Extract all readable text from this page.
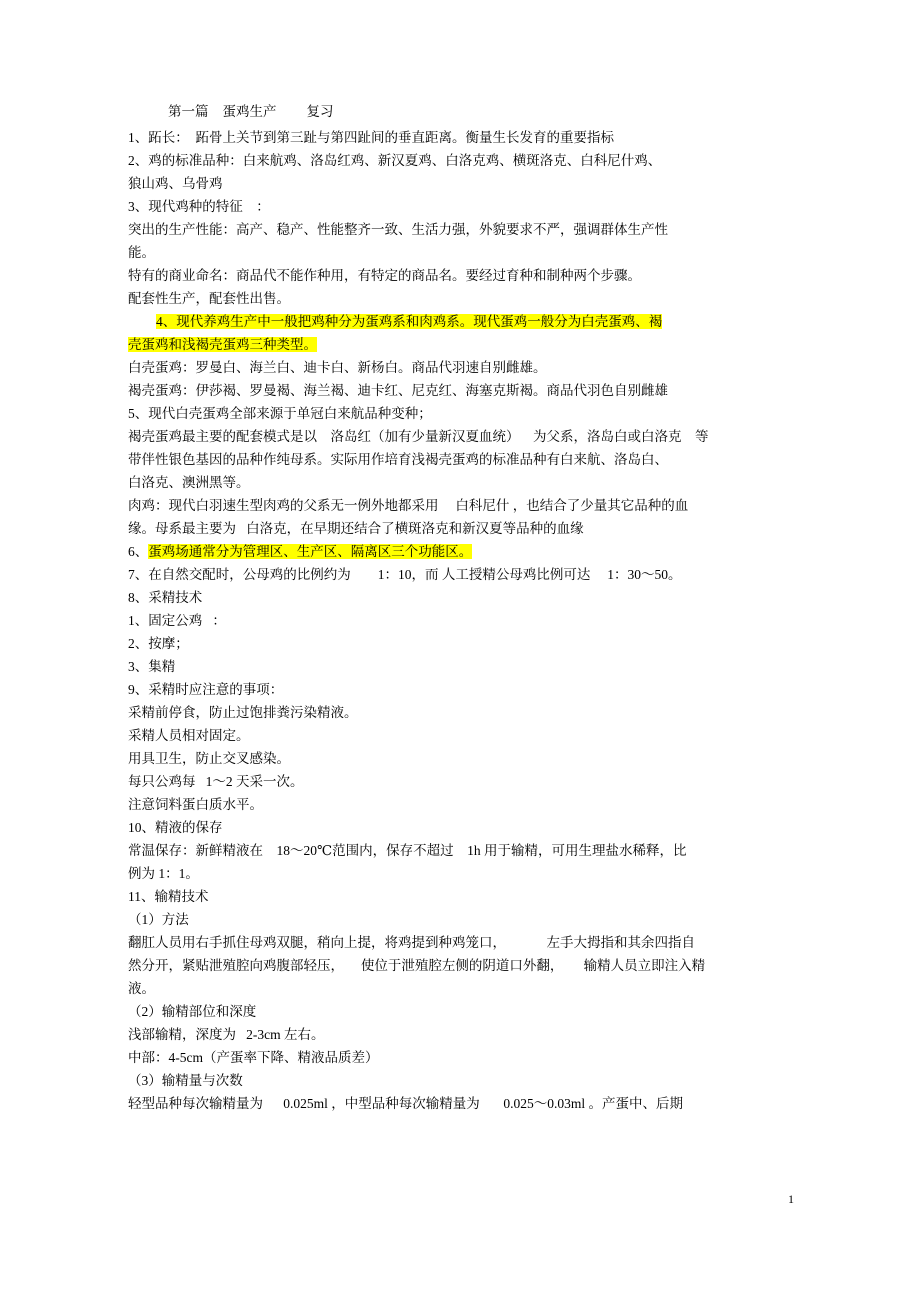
第一篇 蛋鸡生产 复习

1、跖长：  跖骨上关节到第三趾与第四趾间的垂直距离。衡量生长发育的重要指标

2、鸡的标准品种：白来航鸡、洛岛红鸡、新汉夏鸡、白洛克鸡、横斑洛克、白科尼什鸡、

狼山鸡、乌骨鸡

3、现代鸡种的特征    ：

突出的生产性能：高产、稳产、性能整齐一致、生活力强，外貌要求不严，强调群体生产性

能。

特有的商业命名：商品代不能作种用，有特定的商品名。要经过育种和制种两个步骤。

配套性生产，配套性出售。

4、现代养鸡生产中一般把鸡种分为蛋鸡系和肉鸡系。现代蛋鸡一般分为白壳蛋鸡、褐

壳蛋鸡和浅褐壳蛋鸡三种类型。

白壳蛋鸡：罗曼白、海兰白、迪卡白、新杨白。商品代羽速自别雌雄。

褐壳蛋鸡：伊莎褐、罗曼褐、海兰褐、迪卡红、尼克红、海塞克斯褐。商品代羽色自别雌雄

5、现代白壳蛋鸡全部来源于单冠白来航品种变种；

褐壳蛋鸡最主要的配套模式是以    洛岛红（加有少量新汉夏血统）    为父系，洛岛白或白洛克    等

带伴性银色基因的品种作纯母系。实际用作培育浅褐壳蛋鸡的标准品种有白来航、洛岛白、

白洛克、澳洲黑等。

肉鸡：现代白羽速生型肉鸡的父系无一例外地都采用     白科尼什 ，也结合了少量其它品种的血

缘。母系最主要为   白洛克，在早期还结合了横斑洛克和新汉夏等品种的血缘

6、蛋鸡场通常分为管理区、生产区、隔离区三个功能区。

7、在自然交配时，公母鸡的比例约为        1：10，而 人工授精公母鸡比例可达     1：30～50。

8、采精技术

1、固定公鸡   ：

2、按摩；

3、集精

9、采精时应注意的事项：

采精前停食，防止过饱排粪污染精液。

采精人员相对固定。

用具卫生，防止交叉感染。

每只公鸡每   1～2 天采一次。

注意饲料蛋白质水平。

10、精液的保存

常温保存：新鲜精液在    18～20℃范围内，保存不超过    1h 用于输精，可用生理盐水稀释，比

例为 1：1。

11、输精技术

（1）方法

翻肛人员用右手抓住母鸡双腿，稍向上提，将鸡提到种鸡笼口，            左手大拇指和其余四指自

然分开，紧贴泄殖腔向鸡腹部轻压，     使位于泄殖腔左侧的阴道口外翻，      输精人员立即注入精

液。

（2）输精部位和深度

浅部输精，深度为   2-3cm 左右。

中部：4-5cm（产蛋率下降、精液品质差）

（3）输精量与次数

轻型品种每次输精量为      0.025ml ，中型品种每次输精量为       0.025～0.03ml 。产蛋中、后期

1
